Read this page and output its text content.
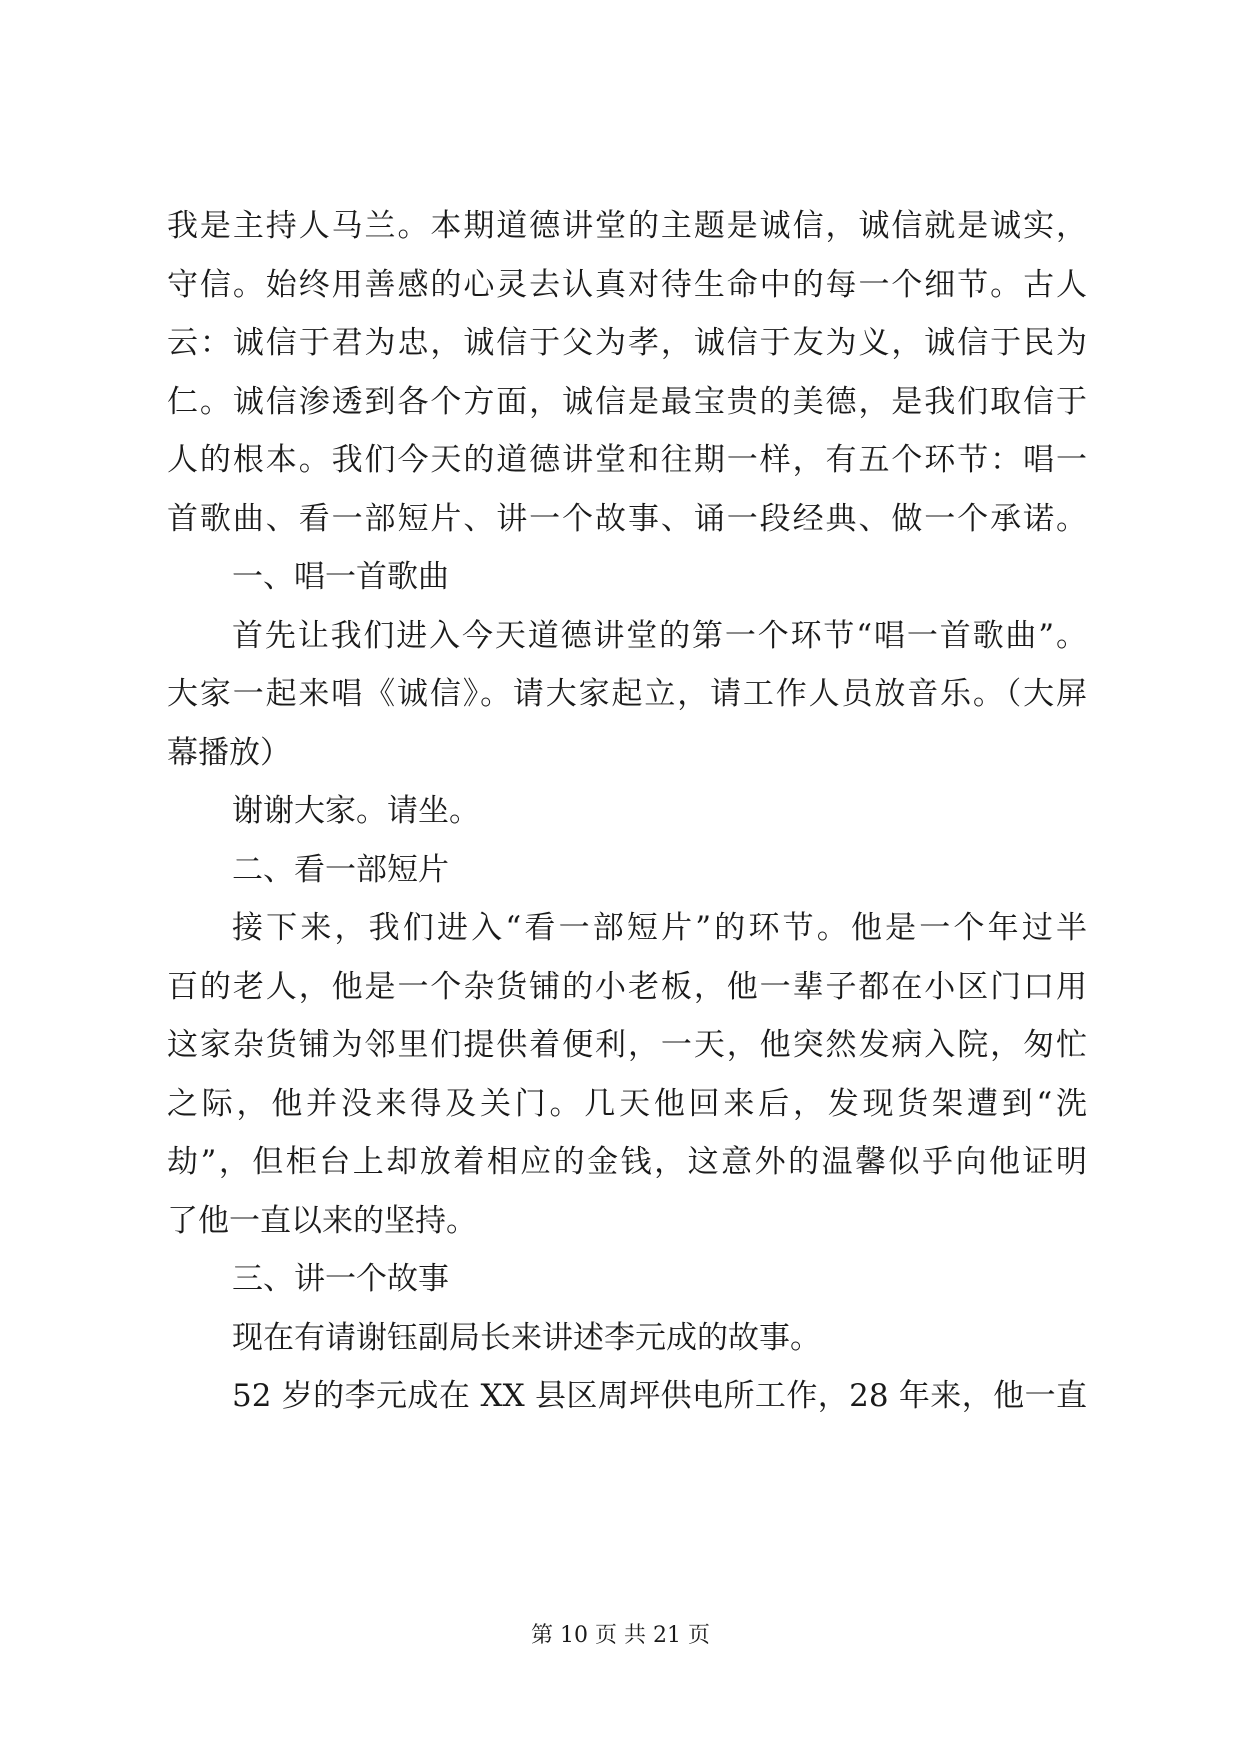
我是主持人马兰。本期道德讲堂的主题是诚信，诚信就是诚实，
守信。始终用善感的心灵去认真对待生命中的每一个细节。古人
云：诚信于君为忠，诚信于父为孝，诚信于友为义，诚信于民为
仁。诚信渗透到各个方面，诚信是最宝贵的美德，是我们取信于
人的根本。我们今天的道德讲堂和往期一样，有五个环节：唱一
首歌曲、看一部短片、讲一个故事、诵一段经典、做一个承诺。
一、唱一首歌曲
首先让我们进入今天道德讲堂的第一个环节“唱一首歌曲”。
大家一起来唱《诚信》。请大家起立，请工作人员放音乐。（大屏
幕播放）
谢谢大家。请坐。
二、看一部短片
接下来，我们进入“看一部短片”的环节。他是一个年过半
百的老人，他是一个杂货铺的小老板，他一辈子都在小区门口用
这家杂货铺为邻里们提供着便利，一天，他突然发病入院，匆忙
之际，他并没来得及关门。几天他回来后，发现货架遭到“洗
劫”，但柜台上却放着相应的金钱，这意外的温馨似乎向他证明
了他一直以来的坚持。
三、讲一个故事
现在有请谢钰副局长来讲述李元成的故事。
52 岁的李元成在 XX 县区周坪供电所工作，28 年来，他一直
第 10 页 共 21 页
